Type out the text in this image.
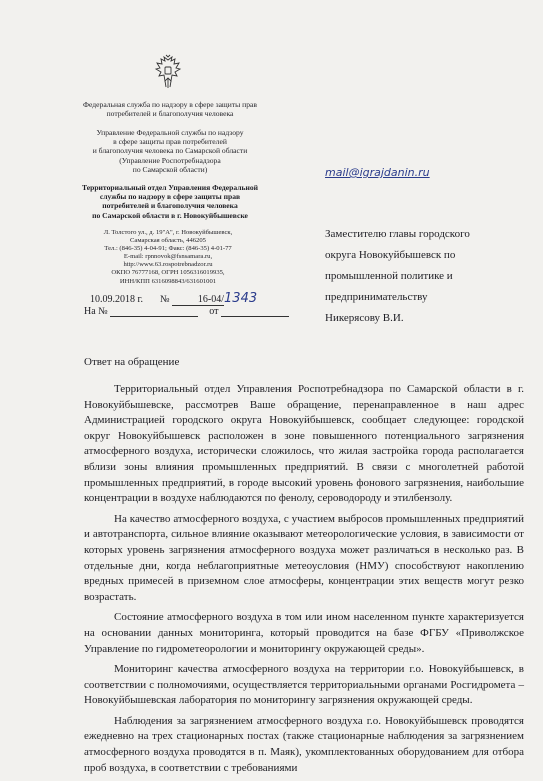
Федеральная служба по надзору в сфере защиты прав
потребителей и благополучия человека
Управление Федеральной службы по надзору
в сфере защиты прав потребителей
и благополучия человека по Самарской области
(Управление Роспотребнадзора
по Самарской области)
Территориальный отдел Управления Федеральной
службы по надзору в сфере защиты прав
потребителей и благополучия человека
по Самарской области в г. Новокуйбышевске
Л. Толстого ул., д. 19"А", г. Новокуйбышевск,
Самарская область, 446205
Тел.: (846-35) 4-04-91; Факс: (846-35) 4-01-77
E-mail: rpnnovok@fsnsamara.ru,
http://www.63.rospotrebnadzor.ru
ОКПО 76777168, ОГРН 1056316019935,
ИНН/КПП 6316098843/631601001
10.09.2018 г. №	16-04/ 1343
На №	от
mail@igrajdanin.ru
Заместителю главы городского
округа Новокуйбышевск по
промышленной политике и
предпринимательству
Никерясову В.И.
Ответ на обращение

Территориальный отдел Управления Роспотребнадзора по Самарской области в г. Новокуйбышевске, рассмотрев Ваше обращение, перенаправленное в наш адрес Администрацией городского округа Новокуйбышевск, сообщает следующее: городской округ Новокуйбышевск расположен в зоне повышенного потенциального загрязнения атмосферного воздуха, исторически сложилось, что жилая застройка города располагается вблизи зоны влияния промышленных предприятий. В связи с многолетней работой промышленных предприятий, в городе высокий уровень фонового загрязнения, наибольшие концентрации в воздухе наблюдаются по фенолу, сероводороду и этилбензолу.

На качество атмосферного воздуха, с участием выбросов промышленных предприятий и автотранспорта, сильное влияние оказывают метеорологические условия, в зависимости от которых уровень загрязнения атмосферного воздуха может различаться в несколько раз. В отдельные дни, когда неблагоприятные метеоусловия (НМУ) способствуют накоплению вредных примесей в приземном слое атмосферы, концентрации этих веществ могут резко возрастать.

Состояние атмосферного воздуха в том или ином населенном пункте характеризуется на основании данных мониторинга, который проводится на базе ФГБУ «Приволжское Управление по гидрометеорологии и мониторингу окружающей среды».

Мониторинг качества атмосферного воздуха на территории г.о. Новокуйбышевск, в соответствии с полномочиями, осуществляется территориальными органами Росгидромета – Новокуйбышевская лаборатория по мониторингу загрязнения окружающей среды.

Наблюдения за загрязнением атмосферного воздуха г.о. Новокуйбышевск проводятся ежедневно на трех стационарных постах (также стационарные наблюдения за загрязнением атмосферного воздуха проводятся в п. Маяк), укомплектованных оборудованием для отбора проб воздуха, в соответствии с требованиями
